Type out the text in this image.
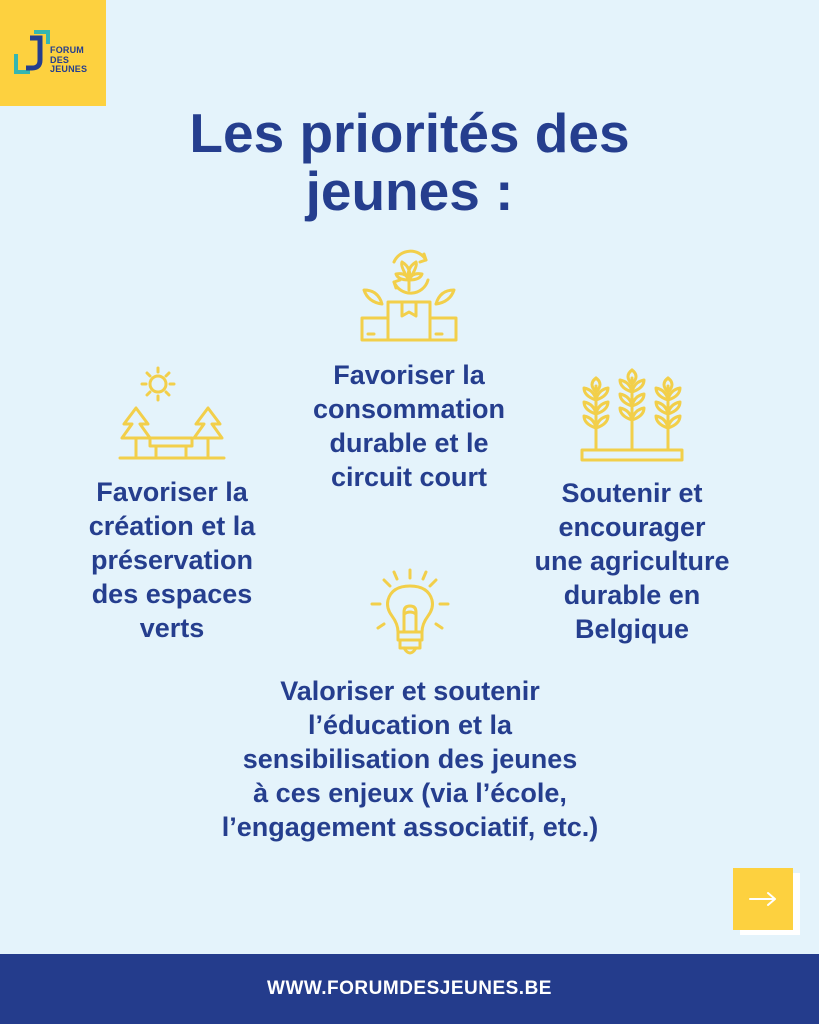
FORUM
DES
JEUNES
Les priorités des
jeunes :
Favoriser la
consommation
durable et le
circuit court
Favoriser la
création et la
préservation
des espaces
verts
Soutenir et
encourager
une agriculture
durable en
Belgique
Valoriser et soutenir
l’éducation et la
sensibilisation des jeunes
à ces enjeux (via l’école,
l’engagement associatif, etc.)
WWW.FORUMDESJEUNES.BE
